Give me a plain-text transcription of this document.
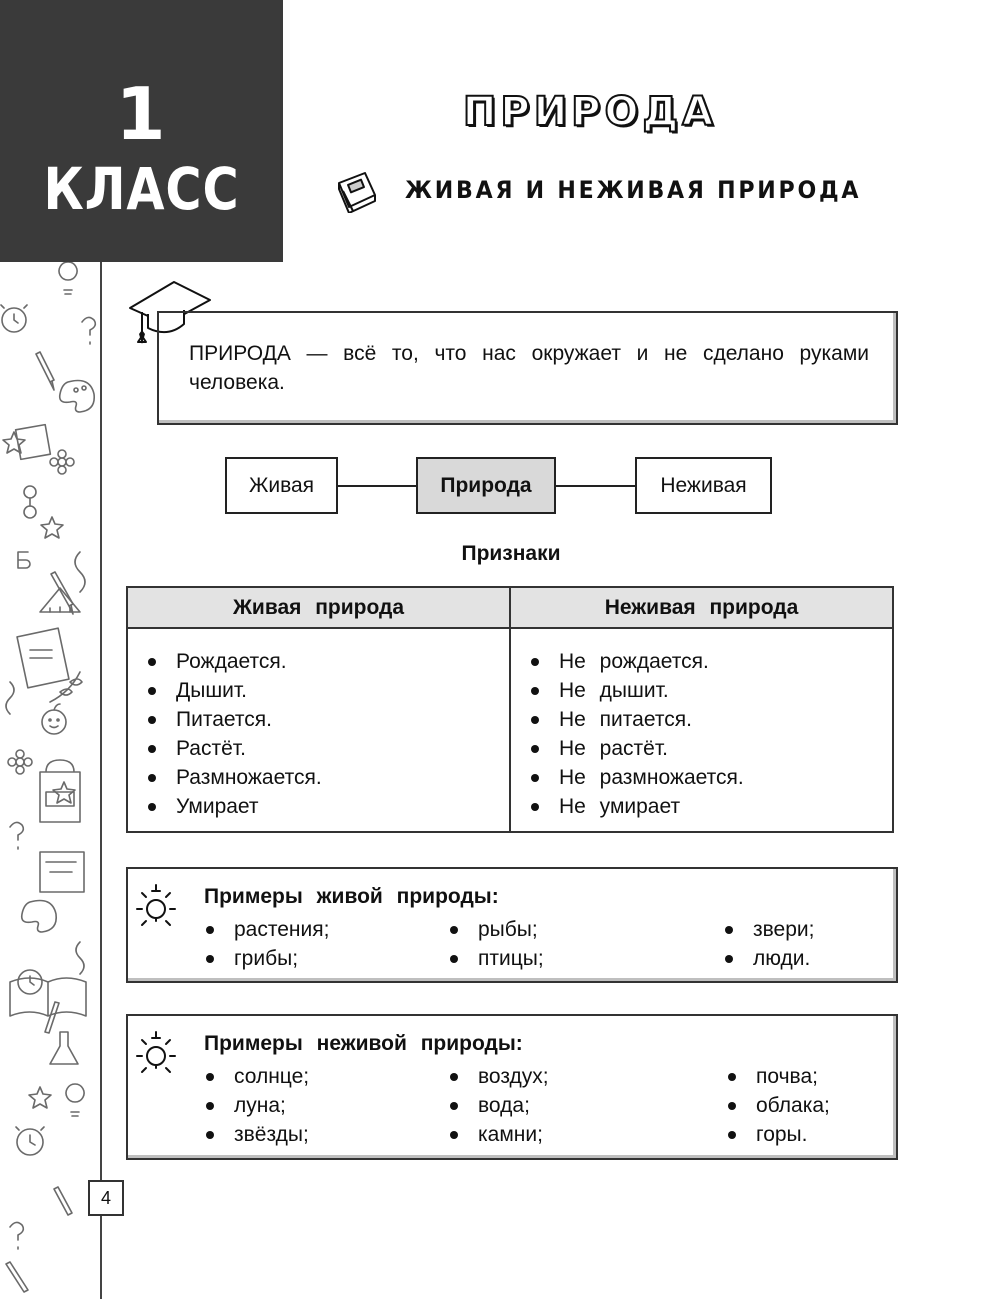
1
КЛАСС
ПРИРОДА
ЖИВАЯ И НЕЖИВАЯ ПРИРОДА
ПРИРОДА — всё то, что нас окружает и не сделано руками человека.
Живая	Природа	Неживая
Признаки
Живая природа	Неживая природа
Рождается.
Дышит.
Питается.
Растёт.
Размножается.
Умирает
Не рождается.
Не дышит.
Не питается.
Не растёт.
Не размножается.
Не умирает
Примеры живой природы:
растения;
грибы;
рыбы;
птицы;
звери;
люди.
Примеры неживой природы:
солнце;
луна;
звёзды;
воздух;
вода;
камни;
почва;
облака;
горы.
4
